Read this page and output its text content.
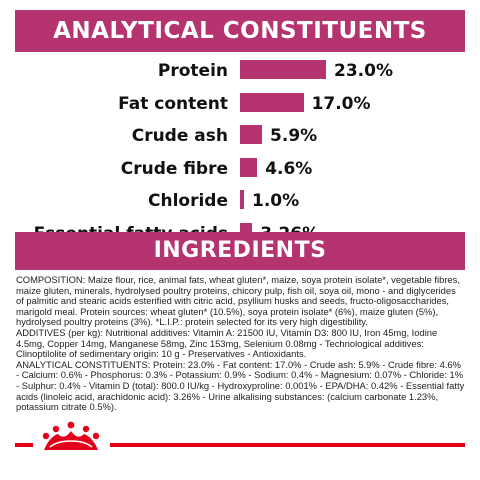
ANALYTICAL CONSTITUENTS
Protein	23.0%
Fat content	17.0%
Crude ash 5.9%
Crude fibre 4.6%
Chloride 1.0%
INGREDIENTS

COMPOSITION: Maize flour, rice, animal fats, wheat gluten*, maize, soya protein isolate*, vegetable fibres, maize gluten, minerals, hydrolysed poultry proteins, chicory pulp, fish oil, soya oil, mono - and diglycerides of palmitic and stearic acids esterified with citric acid, psyllium husks and seeds, fructo-oligosaccharides, marigold meal. Protein sources: wheat gluten* (10.5%), soya protein isolate* (6%), maize gluten (5%), hydrolysed poultry proteins (3%). *L.I.P.: protein selected for its very high digestibility.

ADDITIVES (per kg): Nutritional additives: Vitamin A: 21500 IU, Vitamin D3: 800 IU, Iron 45mg, Iodine 4.5mg, Copper 14mg, Manganese 58mg, Zinc 153mg, Selenium 0.08mg - Technological additives: Clinoptilolite of sedimentary origin: 10 g - Preservatives - Antioxidants.

ANALYTICAL CONSTITUENTS: Protein: 23.0% - Fat content: 17.0% - Crude ash: 5.9% - Crude fibre: 4.6% - Calcium: 0.6% - Phosphorus: 0.3% - Potassium: 0.9% - Sodium: 0.4% - Magnesium: 0.07% - Chloride: 1% - Sulphur: 0.4% - Vitamin D (total): 800.0 IU/kg - Hydroxyproline: 0.001% - EPA/DHA: 0.42% - Essential fatty acids (linoleic acid, arachidonic acid): 3.26% - Urine alkalising substances: (calcium carbonate 1.23%, potassium citrate 0.5%).
